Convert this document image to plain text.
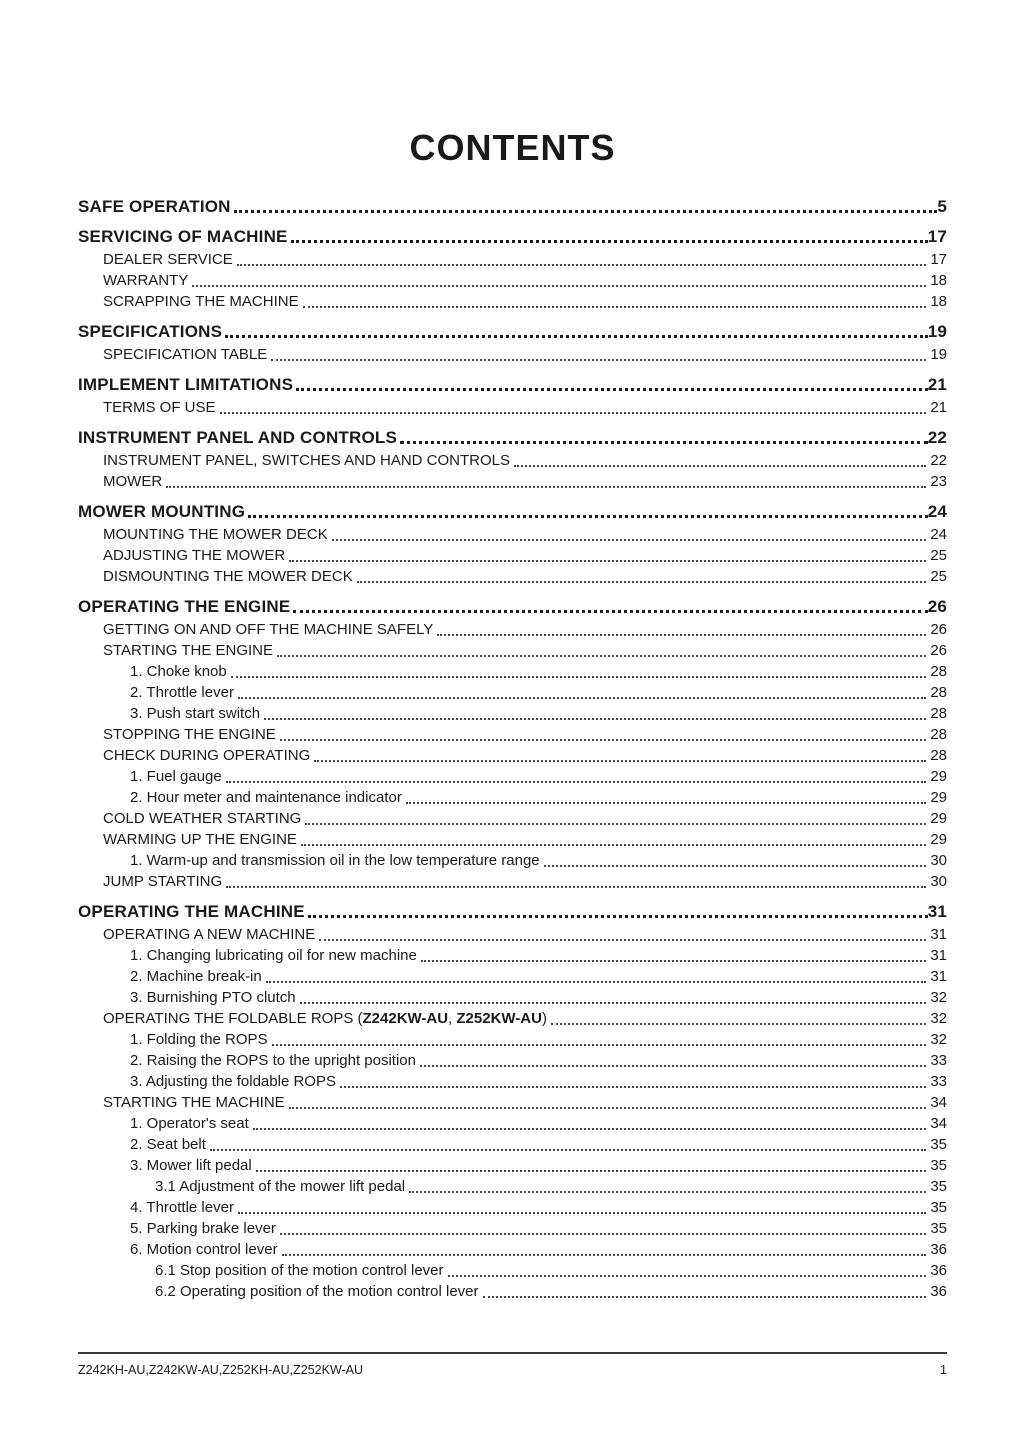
CONTENTS
SAFE OPERATION	5
SERVICING OF MACHINE	17
DEALER SERVICE	17
WARRANTY	18
SCRAPPING THE MACHINE	18
SPECIFICATIONS	19
SPECIFICATION TABLE	19
IMPLEMENT LIMITATIONS	21
TERMS OF USE	21
INSTRUMENT PANEL AND CONTROLS	22
INSTRUMENT PANEL, SWITCHES AND HAND CONTROLS	22
MOWER	23
MOWER MOUNTING	24
MOUNTING THE MOWER DECK	24
ADJUSTING THE MOWER	25
DISMOUNTING THE MOWER DECK	25
OPERATING THE ENGINE	26
GETTING ON AND OFF THE MACHINE SAFELY	26
STARTING THE ENGINE	26
1. Choke knob	28
2. Throttle lever	28
3. Push start switch	28
STOPPING THE ENGINE	28
CHECK DURING OPERATING	28
1. Fuel gauge	29
2. Hour meter and maintenance indicator	29
COLD WEATHER STARTING	29
WARMING UP THE ENGINE	29
1. Warm-up and transmission oil in the low temperature range	30
JUMP STARTING	30
OPERATING THE MACHINE	31
OPERATING A NEW MACHINE	31
1. Changing lubricating oil for new machine	31
2. Machine break-in	31
3. Burnishing PTO clutch	32
OPERATING THE FOLDABLE ROPS (Z242KW-AU, Z252KW-AU)	32
1. Folding the ROPS	32
2. Raising the ROPS to the upright position	33
3. Adjusting the foldable ROPS	33
STARTING THE MACHINE	34
1. Operator's seat	34
2. Seat belt	35
3. Mower lift pedal	35
3.1 Adjustment of the mower lift pedal	35
4. Throttle lever	35
5. Parking brake lever	35
6. Motion control lever	36
6.1 Stop position of the motion control lever	36
6.2 Operating position of the motion control lever	36
Z242KH-AU,Z242KW-AU,Z252KH-AU,Z252KW-AU	1
